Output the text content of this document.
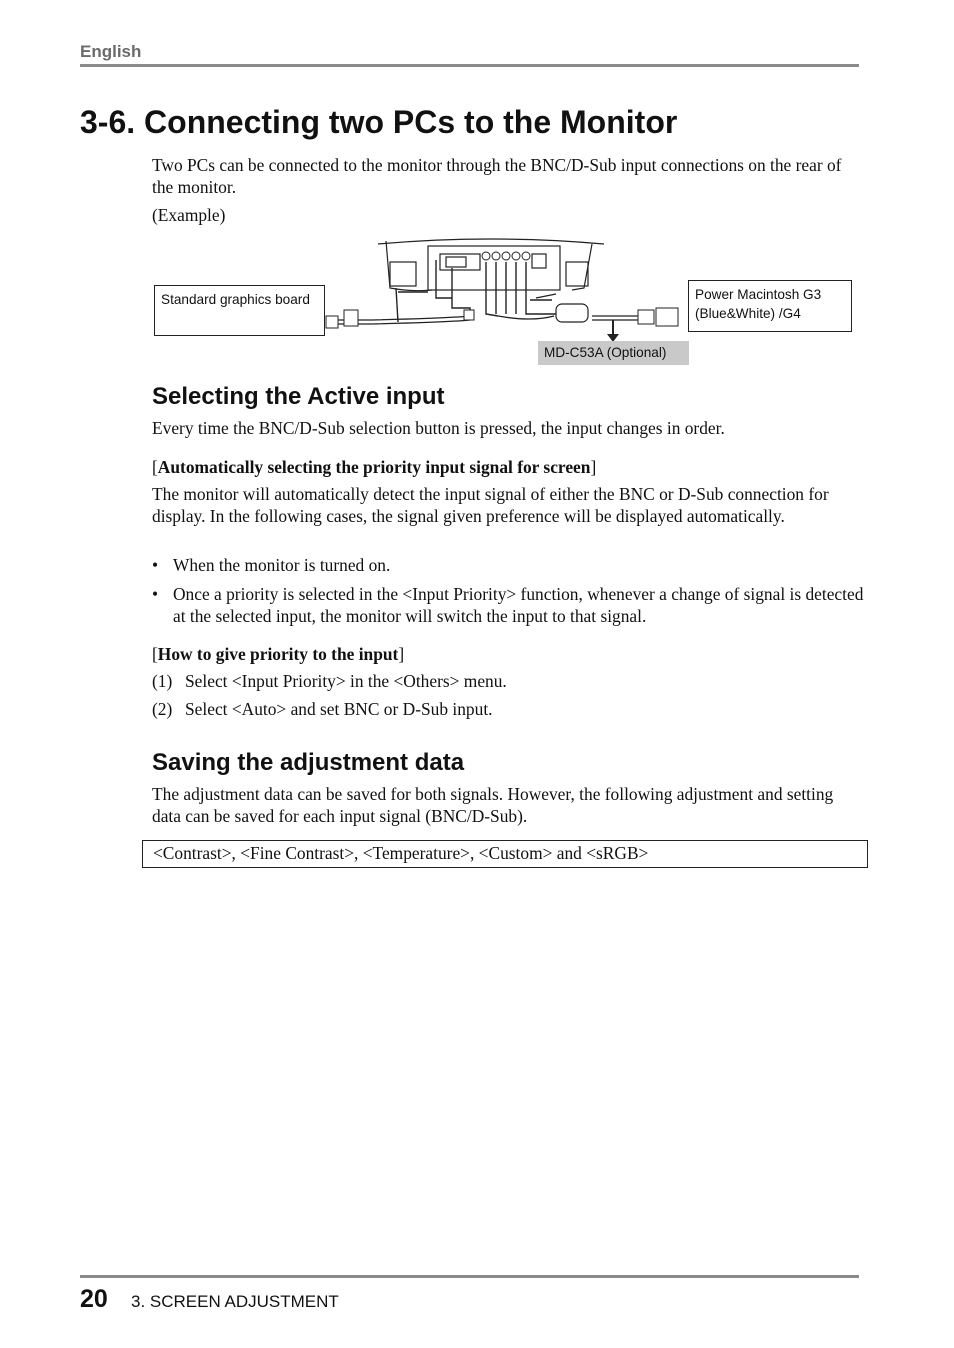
English
3-6. Connecting two PCs to the Monitor

Two PCs can be connected to the monitor through the BNC/D-Sub input connections on the rear of the monitor.

(Example)

Standard graphics board	Power Macintosh G3 (Blue&White) /G4
MD-C53A (Optional)
Selecting the Active input

Every time the BNC/D-Sub selection button is pressed, the input changes in order.

[Automatically selecting the priority input signal for screen]

The monitor will automatically detect the input signal of either the BNC or D-Sub connection for display. In the following cases, the signal given preference will be displayed automatically.

• When the monitor is turned on.
• Once a priority is selected in the <Input Priority> function, whenever a change of signal is detected at the selected input, the monitor will switch the input to that signal.

[How to give priority to the input]

(1) Select <Input Priority> in the <Others> menu.
(2) Select <Auto> and set BNC or D-Sub input.
Saving the adjustment data

The adjustment data can be saved for both signals. However, the following adjustment and setting data can be saved for each input signal (BNC/D-Sub).

<Contrast>, <Fine Contrast>, <Temperature>, <Custom> and <sRGB>
20 3. SCREEN ADJUSTMENT
